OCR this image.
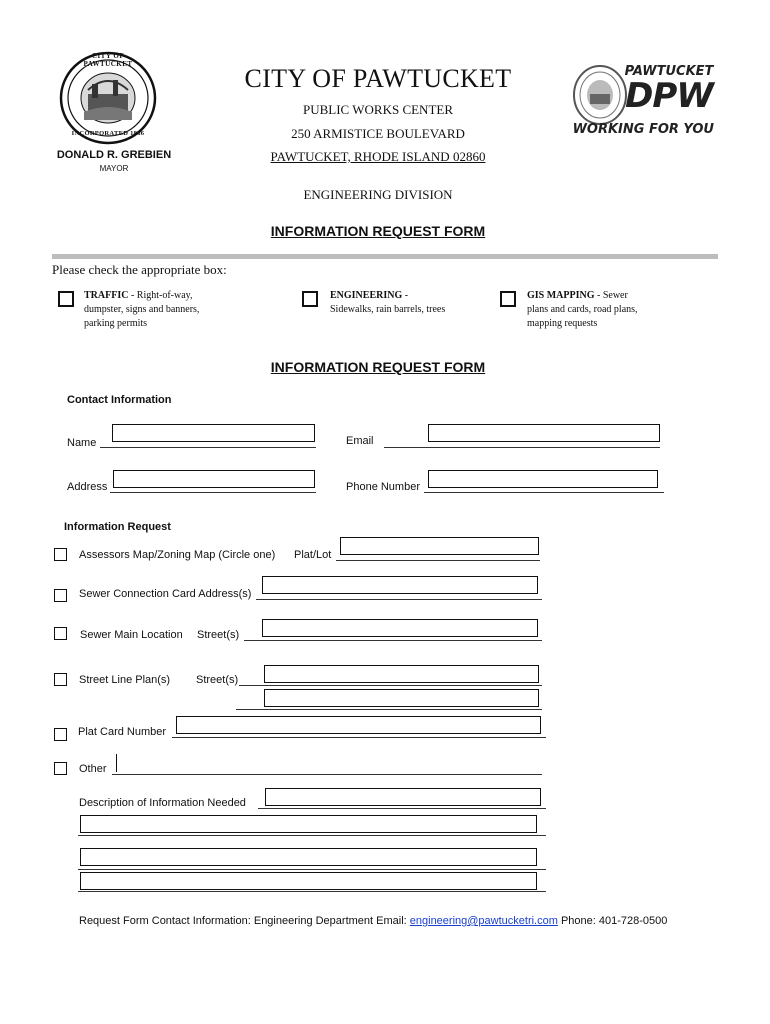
CITY OF PAWTUCKET
INCORPORATED 1886
DONALD R. GREBIEN
MAYOR
CITY OF PAWTUCKET
PUBLIC WORKS CENTER
250 ARMISTICE BOULEVARD
PAWTUCKET, RHODE ISLAND 02860
PAWTUCKET
DPW
WORKING FOR YOU
ENGINEERING DIVISION
INFORMATION REQUEST FORM
Please check the appropriate box:
TRAFFIC - Right-of-way, dumpster, signs and banners, parking permits
ENGINEERING - Sidewalks, rain barrels, trees
GIS MAPPING - Sewer plans and cards, road plans, mapping requests
INFORMATION REQUEST FORM
Contact Information
Name	Email
Address	Phone Number
Information Request
Assessors Map/Zoning Map (Circle one) Plat/Lot
Sewer Connection Card Address(s)
Sewer Main Location Street(s)
Street Line Plan(s) Street(s)
Plat Card Number
Other
Description of Information Needed
Request Form Contact Information: Engineering Department Email: engineering@pawtucketri.com Phone: 401-728-0500
